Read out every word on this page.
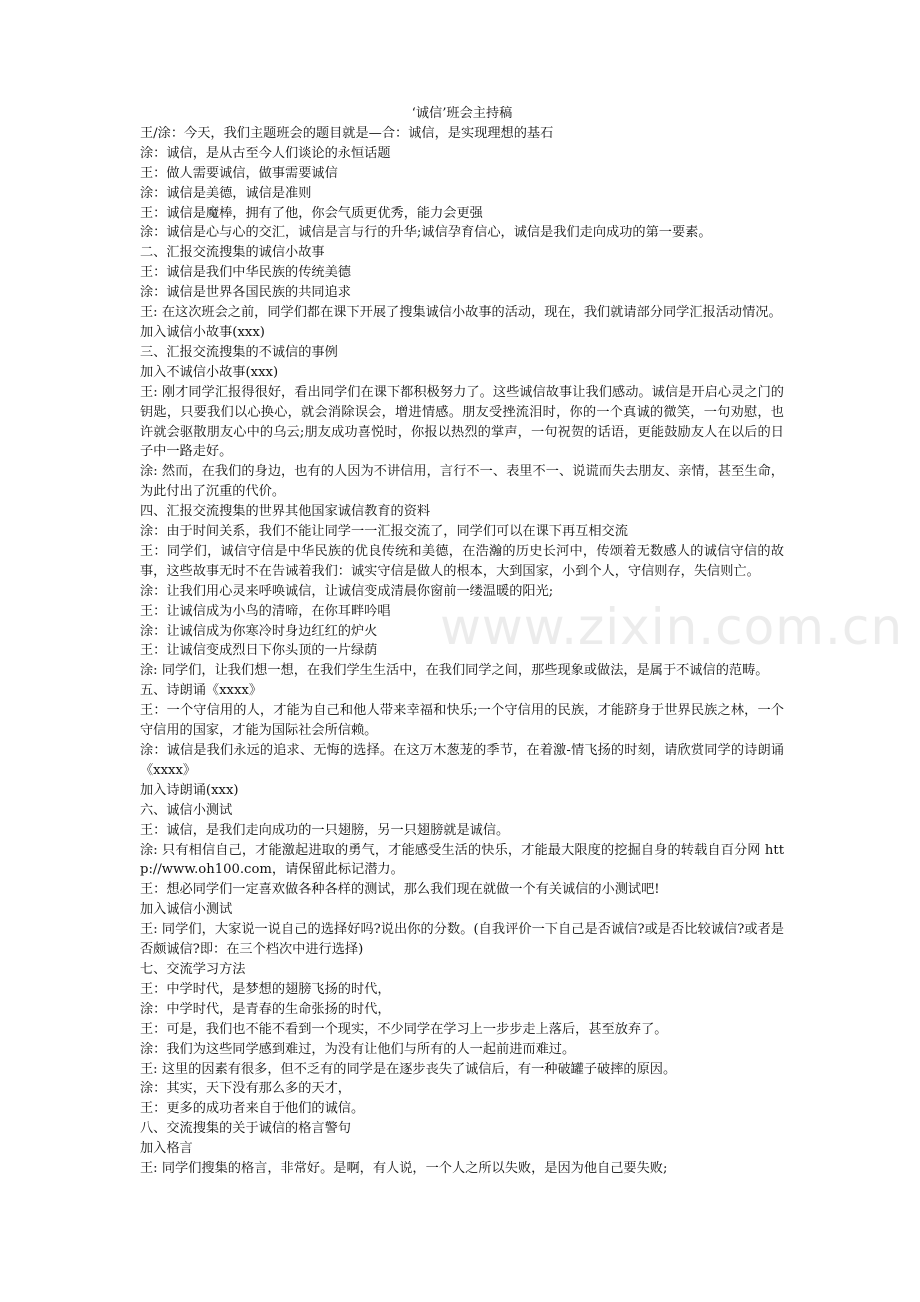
www.zixin.com.cn

‘诚信’班会主持稿

王/涂：今天，我们主题班会的题目就是—合：诚信，是实现理想的基石

涂：诚信，是从古至今人们谈论的永恒话题

王：做人需要诚信，做事需要诚信

涂：诚信是美德，诚信是准则

王：诚信是魔棒，拥有了他，你会气质更优秀，能力会更强

涂：诚信是心与心的交汇，诚信是言与行的升华;诚信孕育信心，诚信是我们走向成功的第一要素。

二、汇报交流搜集的诚信小故事

王：诚信是我们中华民族的传统美德

涂：诚信是世界各国民族的共同追求

王: 在这次班会之前，同学们都在课下开展了搜集诚信小故事的活动，现在，我们就请部分同学汇报活动情况。

加入诚信小故事(xxx)

三、汇报交流搜集的不诚信的事例

加入不诚信小故事(xxx)

王: 刚才同学汇报得很好，看出同学们在课下都积极努力了。这些诚信故事让我们感动。诚信是开启心灵之门的钥匙，只要我们以心换心，就会消除误会，增进情感。朋友受挫流泪时，你的一个真诚的微笑，一句劝慰，也许就会驱散朋友心中的乌云;朋友成功喜悦时，你报以热烈的掌声，一句祝贺的话语，更能鼓励友人在以后的日子中一路走好。

涂: 然而，在我们的身边，也有的人因为不讲信用，言行不一、表里不一、说谎而失去朋友、亲情，甚至生命，为此付出了沉重的代价。

四、汇报交流搜集的世界其他国家诚信教育的资料

涂：由于时间关系，我们不能让同学一一汇报交流了，同学们可以在课下再互相交流

王：同学们，诚信守信是中华民族的优良传统和美德，在浩瀚的历史长河中，传颂着无数感人的诚信守信的故事，这些故事无时不在告诫着我们：诚实守信是做人的根本，大到国家，小到个人，守信则存，失信则亡。

涂：让我们用心灵来呼唤诚信，让诚信变成清晨你窗前一缕温暖的阳光;

王：让诚信成为小鸟的清啼，在你耳畔吟唱

涂：让诚信成为你寒冷时身边红红的炉火

王：让诚信变成烈日下你头顶的一片绿荫

涂: 同学们，让我们想一想，在我们学生生活中，在我们同学之间，那些现象或做法，是属于不诚信的范畴。

五、诗朗诵《xxxx》

王：一个守信用的人，才能为自己和他人带来幸福和快乐;一个守信用的民族，才能跻身于世界民族之林，一个守信用的国家，才能为国际社会所信赖。

涂：诚信是我们永远的追求、无悔的选择。在这万木葱茏的季节，在着激-情飞扬的时刻，请欣赏同学的诗朗诵《xxxx》

加入诗朗诵(xxx)

六、诚信小测试

王：诚信，是我们走向成功的一只翅膀，另一只翅膀就是诚信。

涂: 只有相信自己，才能激起进取的勇气，才能感受生活的快乐，才能最大限度的挖掘自身的转载自百分网 http://www.oh100.com，请保留此标记潜力。

王：想必同学们一定喜欢做各种各样的测试，那么我们现在就做一个有关诚信的小测试吧!

加入诚信小测试

王: 同学们，大家说一说自己的选择好吗?说出你的分数。(自我评价一下自己是否诚信?或是否比较诚信?或者是否颇诚信?即：在三个档次中进行选择)

七、交流学习方法

王：中学时代，是梦想的翅膀飞扬的时代，

涂：中学时代，是青春的生命张扬的时代，

王：可是，我们也不能不看到一个现实，不少同学在学习上一步步走上落后，甚至放弃了。

涂：我们为这些同学感到难过，为没有让他们与所有的人一起前进而难过。

王: 这里的因素有很多，但不乏有的同学是在逐步丧失了诚信后，有一种破罐子破摔的原因。

涂：其实，天下没有那么多的天才，

王：更多的成功者来自于他们的诚信。

八、交流搜集的关于诚信的格言警句

加入格言

王: 同学们搜集的格言，非常好。是啊，有人说，一个人之所以失败，是因为他自己要失败;
